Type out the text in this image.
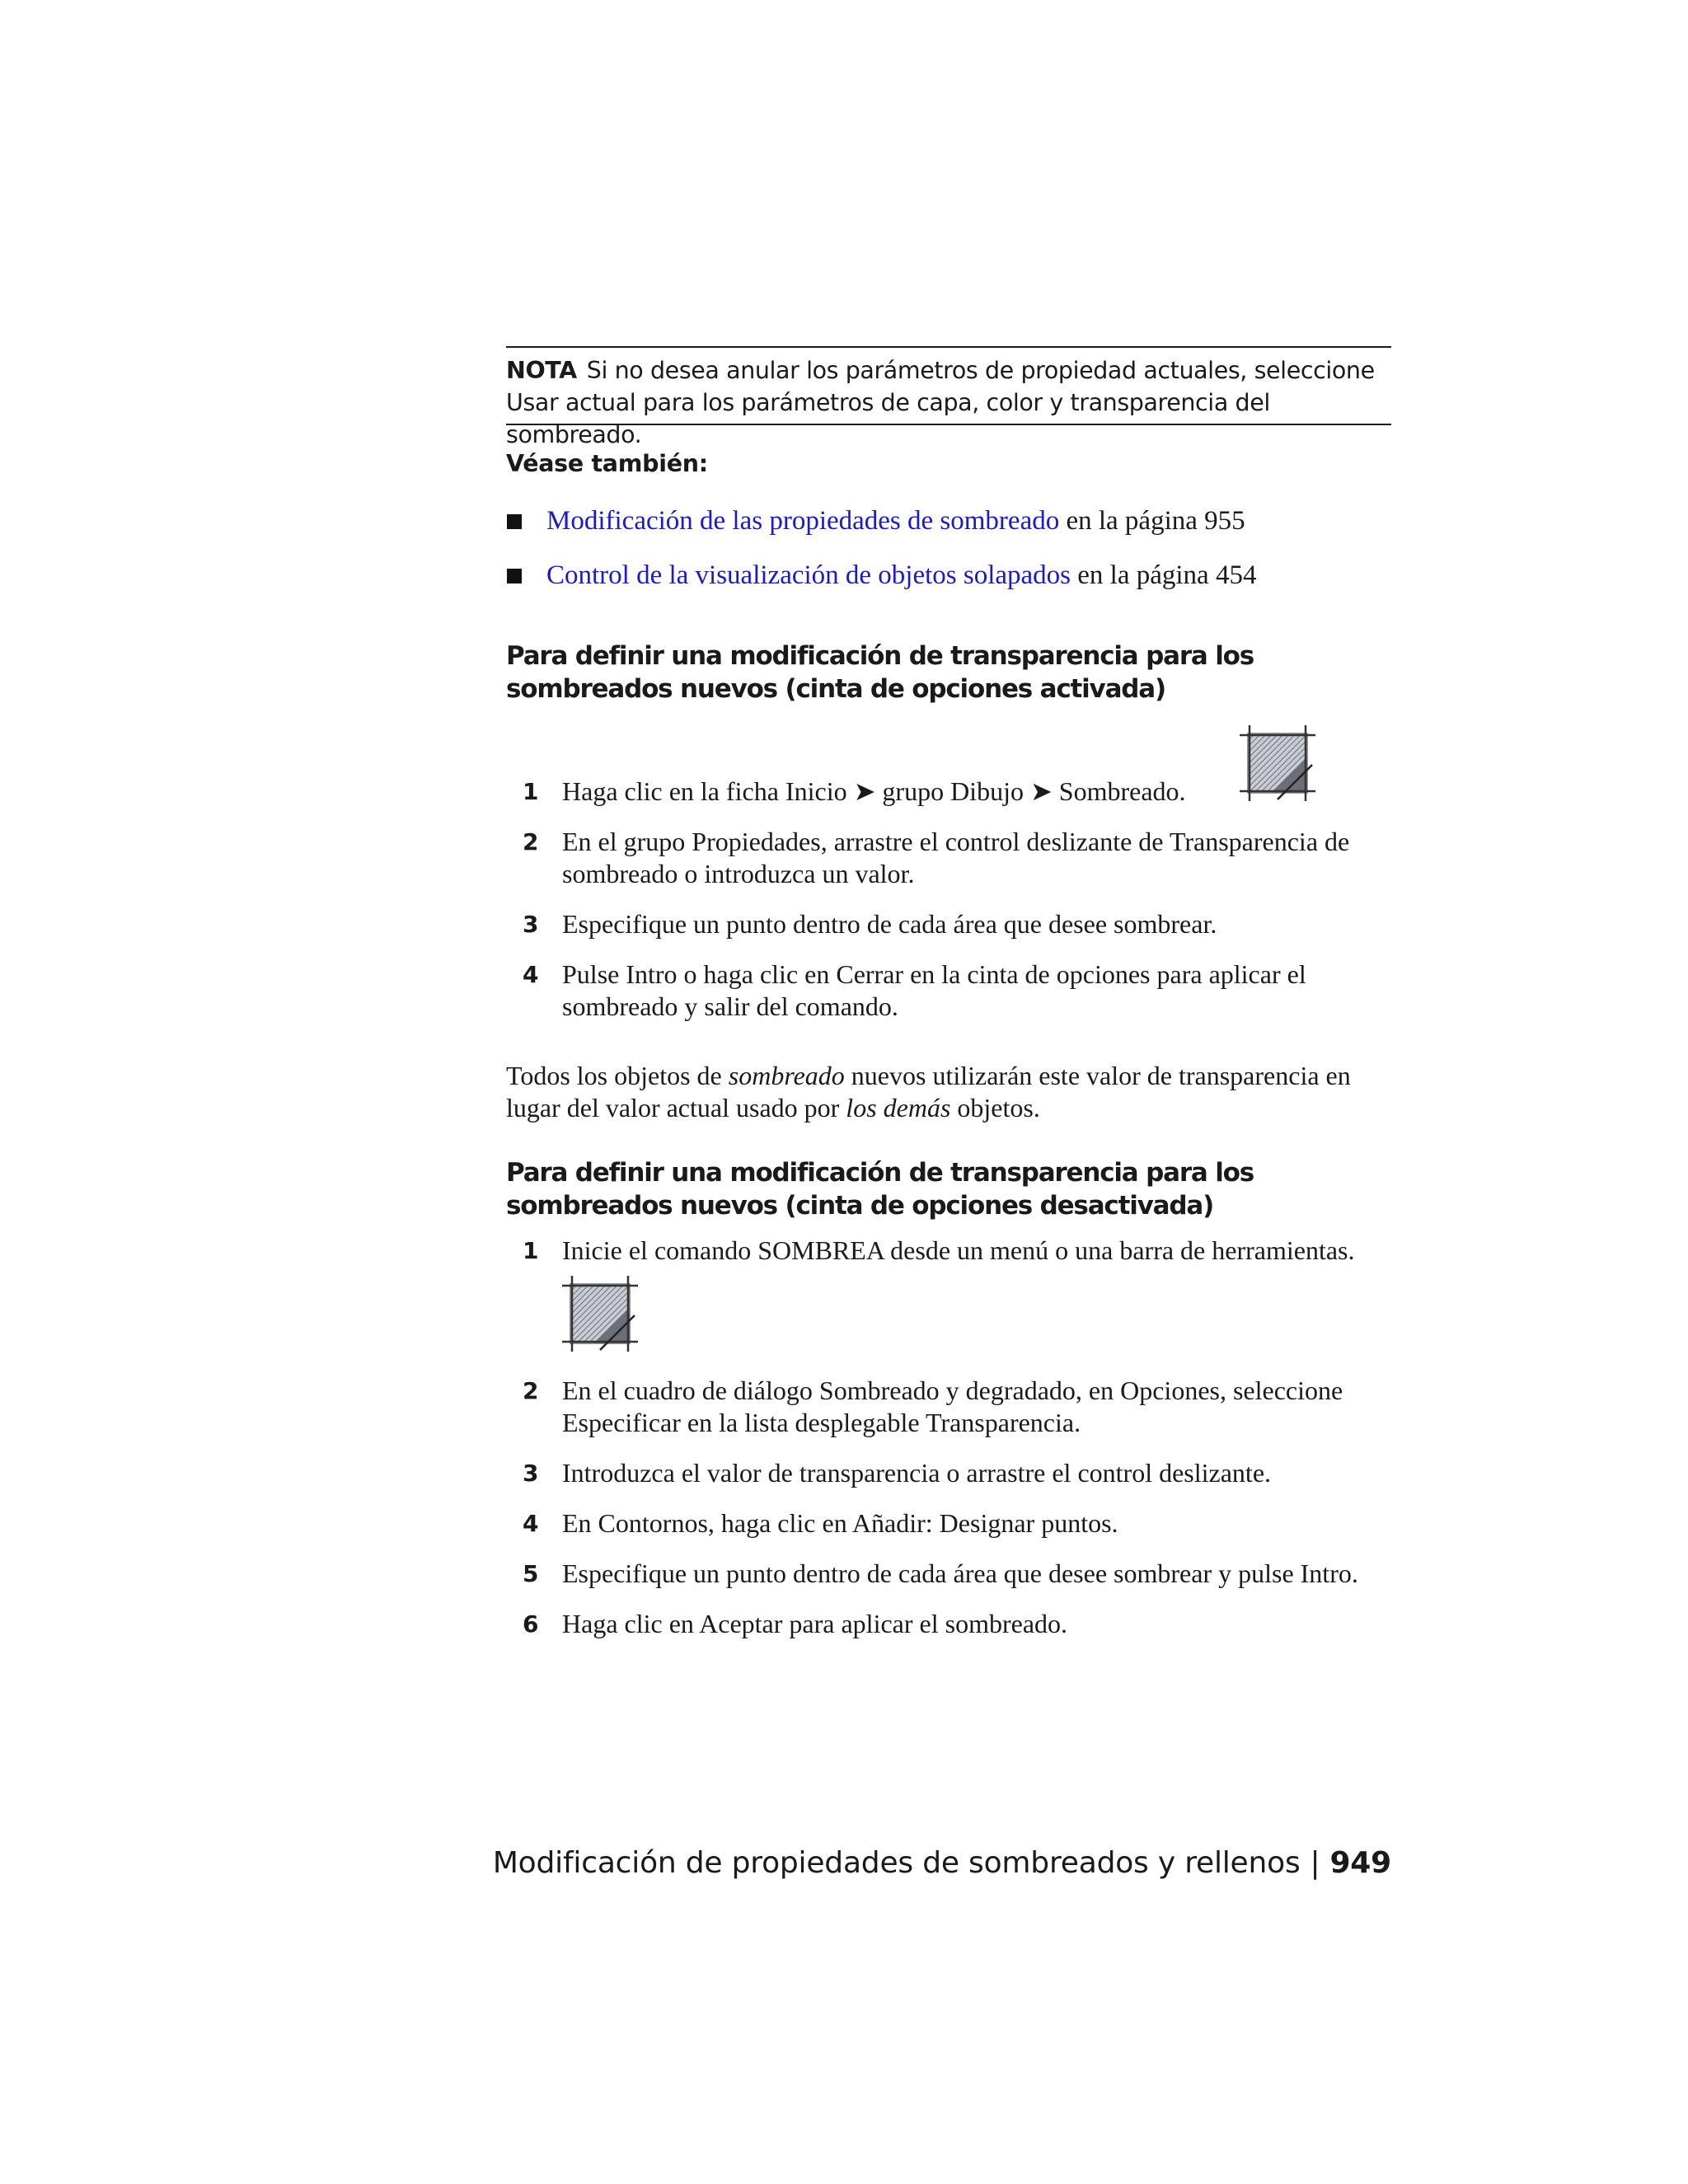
NOTA Si no desea anular los parámetros de propiedad actuales, seleccione Usar actual para los parámetros de capa, color y transparencia del sombreado.
Véase también:
Modificación de las propiedades de sombreado en la página 955
Control de la visualización de objetos solapados en la página 454
Para definir una modificación de transparencia para los sombreados nuevos (cinta de opciones activada)
1 Haga clic en la ficha Inicio ➤ grupo Dibujo ➤ Sombreado.
2 En el grupo Propiedades, arrastre el control deslizante de Transparencia de sombreado o introduzca un valor.
3 Especifique un punto dentro de cada área que desee sombrear.
4 Pulse Intro o haga clic en Cerrar en la cinta de opciones para aplicar el sombreado y salir del comando.
Todos los objetos de sombreado nuevos utilizarán este valor de transparencia en lugar del valor actual usado por los demás objetos.
Para definir una modificación de transparencia para los sombreados nuevos (cinta de opciones desactivada)
1 Inicie el comando SOMBREA desde un menú o una barra de herramientas.
2 En el cuadro de diálogo Sombreado y degradado, en Opciones, seleccione Especificar en la lista desplegable Transparencia.
3 Introduzca el valor de transparencia o arrastre el control deslizante.
4 En Contornos, haga clic en Añadir: Designar puntos.
5 Especifique un punto dentro de cada área que desee sombrear y pulse Intro.
6 Haga clic en Aceptar para aplicar el sombreado.
Modificación de propiedades de sombreados y rellenos | 949
